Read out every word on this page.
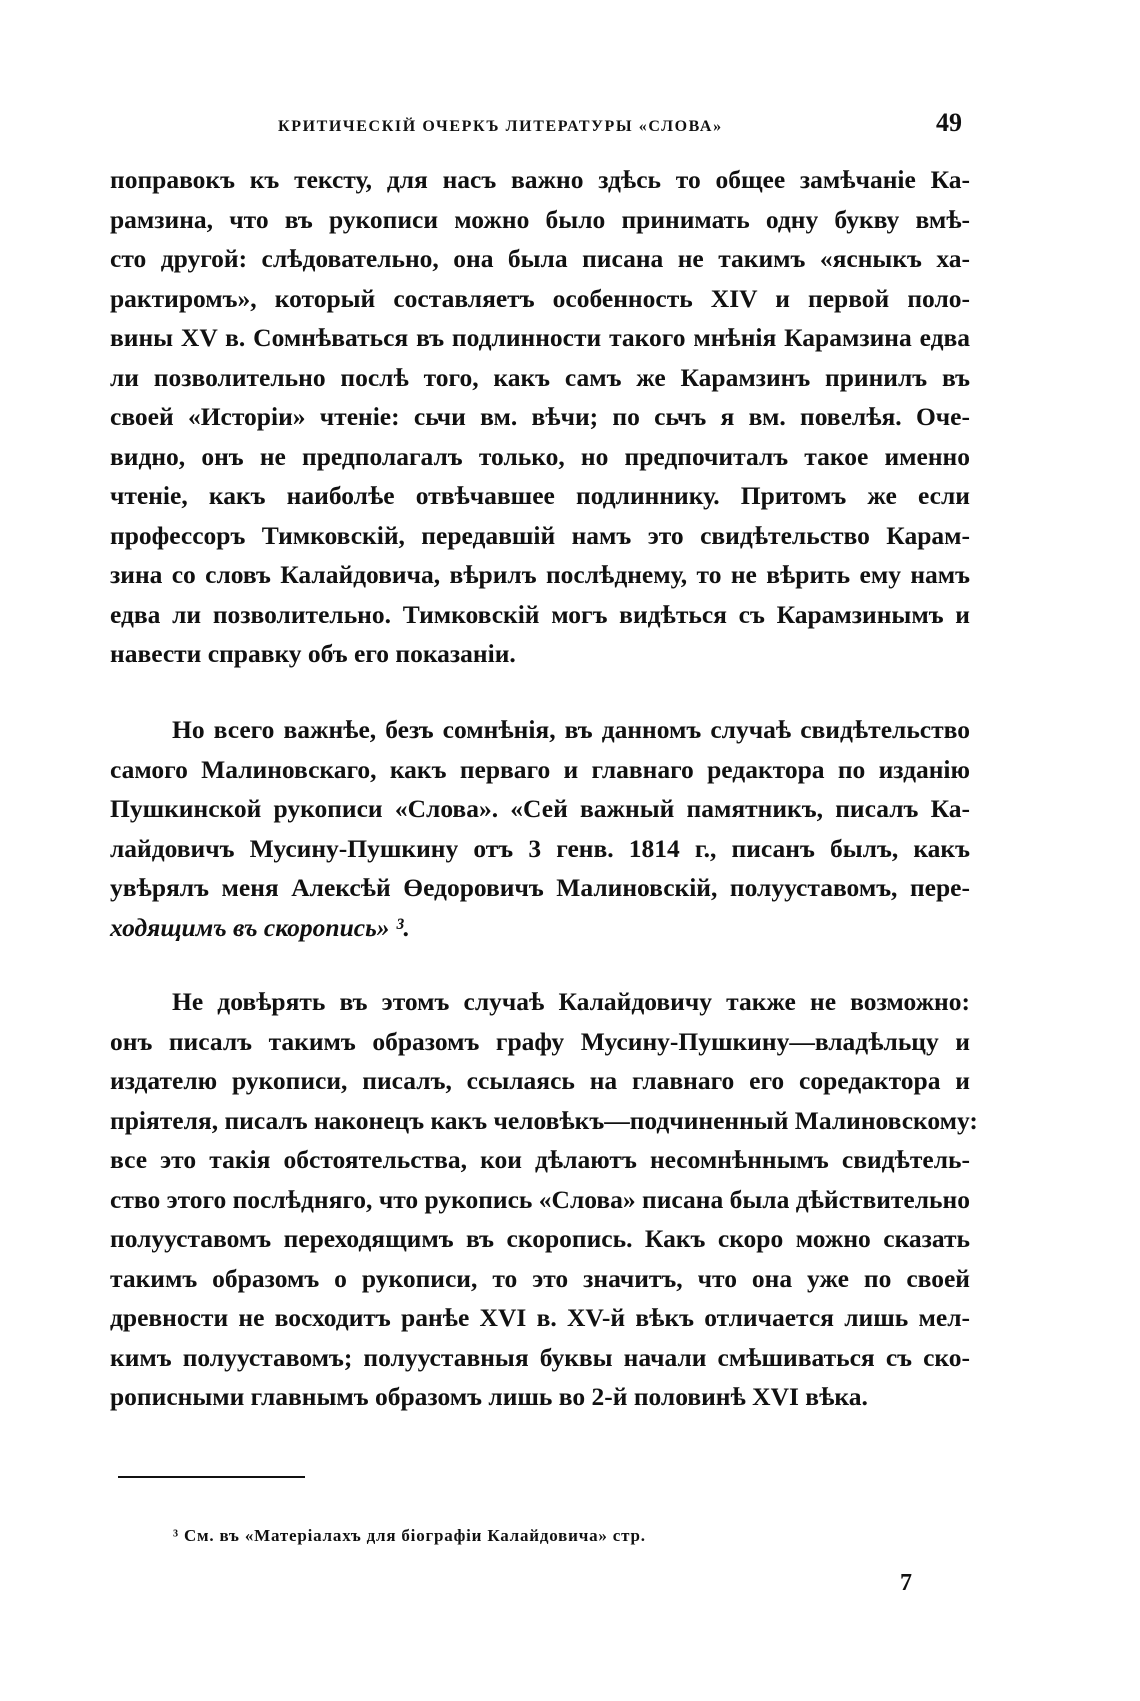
КРИТИЧЕСКІЙ ОЧЕРКЪ ЛИТЕРАТУРЫ «СЛОВА»	49
поправокъ къ тексту, для насъ важно здѣсь то общее замѣчаніе Ка-
рамзина, что въ рукописи можно было принимать одну букву вмѣ-
сто другой: слѣдовательно, она была писана не такимъ «ясныкъ ха-
рактиромъ», который составляетъ особенность XIV и первой поло-
вины XV в. Сомнѣваться въ подлинности такого мнѣнія Карамзина едва
ли позволительно послѣ того, какъ самъ же Карамзинъ принилъ въ
своей «Исторіи» чтеніе: сьчи вм. вѣчи; по сьчъ я вм. повелѣя. Оче-
видно, онъ не предполагалъ только, но предпочиталъ такое именно
чтеніе, какъ наиболѣе отвѣчавшее подлиннику. Притомъ же если
профессоръ Тимковскій, передавшій намъ это свидѣтельство Карам-
зина со словъ Калайдовича, вѣрилъ послѣднему, то не вѣрить ему намъ
едва ли позволительно. Тимковскій могъ видѣться съ Карамзинымъ и
навести справку объ его показаніи.
Но всего важнѣе, безъ сомнѣнія, въ данномъ случаѣ свидѣтельство
самого Малиновскаго, какъ перваго и главнаго редактора по изданію
Пушкинской рукописи «Слова». «Сей важный памятникъ, писалъ Ка-
лайдовичъ Мусину-Пушкину отъ 3 генв. 1814 г., писанъ былъ, какъ
увѣрялъ меня Алексѣй Өедоровичъ Малиновскій, полууставомъ, пере-
ходящимъ въ скоропись» ³.
Не довѣрять въ этомъ случаѣ Калайдовичу также не возможно:
онъ писалъ такимъ образомъ графу Мусину-Пушкину—владѣльцу и
издателю рукописи, писалъ, ссылаясь на главнаго его соредактора и
пріятеля, писалъ наконецъ какъ человѣкъ—подчиненный Малиновскому:
все это такія обстоятельства, кои дѣлаютъ несомнѣннымъ свидѣтель-
ство этого послѣдняго, что рукопись «Слова» писана была дѣйствительно
полууставомъ переходящимъ въ скоропись. Какъ скоро можно сказать
такимъ образомъ о рукописи, то это значитъ, что она уже по своей
древности не восходитъ ранѣе XVI в. XV-й вѣкъ отличается лишь мел-
кимъ полууставомъ; полууставныя буквы начали смѣшиваться съ ско-
рописными главнымъ образомъ лишь во 2-й половинѣ XVI вѣка.
³ См. въ «Матеріалахъ для біографіи Калайдовича» стр.
7
